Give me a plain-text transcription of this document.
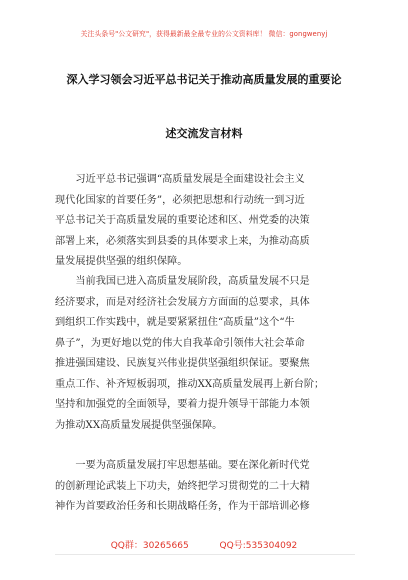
关注头条号"公文研究"，获得最新最全最专业的公文资料库！ 微信：gongwenyj
深入学习领会习近平总书记关于推动高质量发展的重要论
述交流发言材料

　　习近平总书记强调“高质量发展是全面建设社会主义
现代化国家的首要任务”，必须把思想和行动统一到习近
平总书记关于高质量发展的重要论述和区、州党委的决策
部署上来，必须落实到县委的具体要求上来，为推动高质
量发展提供坚强的组织保障。

　　当前我国已进入高质量发展阶段，高质量发展不只是
经济要求，而是对经济社会发展方方面面的总要求，具体
到组织工作实践中，就是要紧紧扭住“高质量”这个“牛
鼻子”，为更好地以党的伟大自我革命引领伟大社会革命
推进强国建设、民族复兴伟业提供坚强组织保证。要聚焦
重点工作、补齐短板弱项，推动XX高质量发展再上新台阶；
坚持和加强党的全面领导，要着力提升领导干部能力本领
为推动XX高质量发展提供坚强保障。

　　一要为高质量发展打牢思想基础。要在深化新时代党
的创新理论武装上下功夫，始终把学习贯彻党的二十大精
神作为首要政治任务和长期战略任务，作为干部培训必修

QQ群：30265665	QQ号:535304092
